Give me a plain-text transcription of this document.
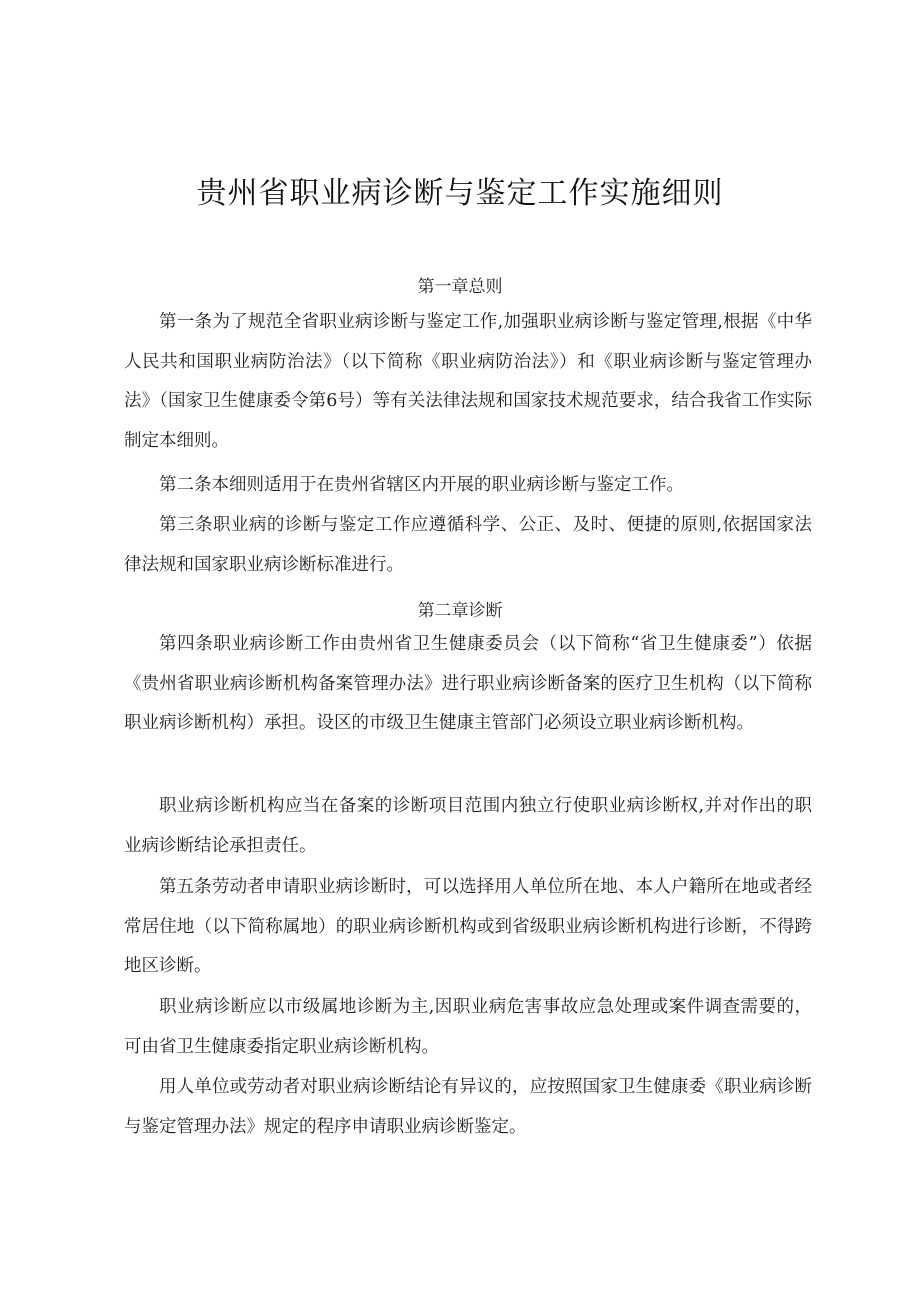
贵州省职业病诊断与鉴定工作实施细则
第一章总则

第一条为了规范全省职业病诊断与鉴定工作,加强职业病诊断与鉴定管理,根据《中华人民共和国职业病防治法》（以下简称《职业病防治法》）和《职业病诊断与鉴定管理办法》（国家卫生健康委令第6号）等有关法律法规和国家技术规范要求，结合我省工作实际制定本细则。

第二条本细则适用于在贵州省辖区内开展的职业病诊断与鉴定工作。

第三条职业病的诊断与鉴定工作应遵循科学、公正、及时、便捷的原则,依据国家法律法规和国家职业病诊断标准进行。

第二章诊断

第四条职业病诊断工作由贵州省卫生健康委员会（以下简称“省卫生健康委”）依据《贵州省职业病诊断机构备案管理办法》进行职业病诊断备案的医疗卫生机构（以下简称职业病诊断机构）承担。设区的市级卫生健康主管部门必须设立职业病诊断机构。

职业病诊断机构应当在备案的诊断项目范围内独立行使职业病诊断权,并对作出的职业病诊断结论承担责任。

第五条劳动者申请职业病诊断时，可以选择用人单位所在地、本人户籍所在地或者经常居住地（以下简称属地）的职业病诊断机构或到省级职业病诊断机构进行诊断，不得跨地区诊断。

职业病诊断应以市级属地诊断为主,因职业病危害事故应急处理或案件调查需要的，可由省卫生健康委指定职业病诊断机构。

用人单位或劳动者对职业病诊断结论有异议的，应按照国家卫生健康委《职业病诊断与鉴定管理办法》规定的程序申请职业病诊断鉴定。
